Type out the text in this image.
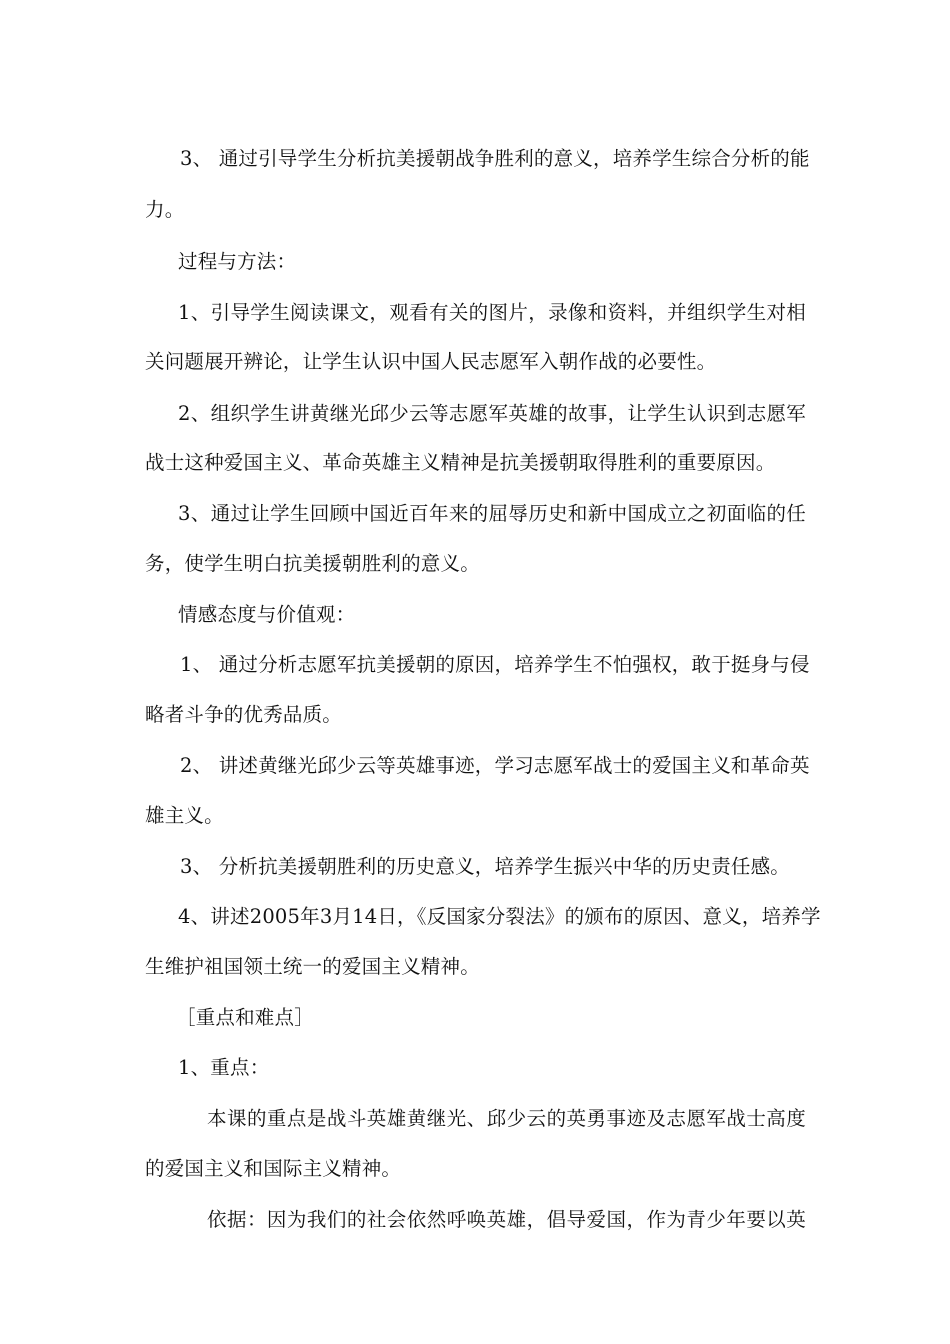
3、 通过引导学生分析抗美援朝战争胜利的意义，培养学生综合分析的能

力。

过程与方法：

1、引导学生阅读课文，观看有关的图片，录像和资料，并组织学生对相

关问题展开辨论，让学生认识中国人民志愿军入朝作战的必要性。

2、组织学生讲黄继光邱少云等志愿军英雄的故事，让学生认识到志愿军

战士这种爱国主义、革命英雄主义精神是抗美援朝取得胜利的重要原因。

3、通过让学生回顾中国近百年来的屈辱历史和新中国成立之初面临的任

务，使学生明白抗美援朝胜利的意义。

情感态度与价值观：

1、 通过分析志愿军抗美援朝的原因，培养学生不怕强权，敢于挺身与侵

略者斗争的优秀品质。

2、 讲述黄继光邱少云等英雄事迹，学习志愿军战士的爱国主义和革命英

雄主义。

3、 分析抗美援朝胜利的历史意义，培养学生振兴中华的历史责任感。

4、讲述2005年3月14日，《反国家分裂法》的颁布的原因、意义，培养学

生维护祖国领土统一的爱国主义精神。

［重点和难点］

1、重点：

本课的重点是战斗英雄黄继光、邱少云的英勇事迹及志愿军战士高度

的爱国主义和国际主义精神。

依据：因为我们的社会依然呼唤英雄，倡导爱国，作为青少年要以英
